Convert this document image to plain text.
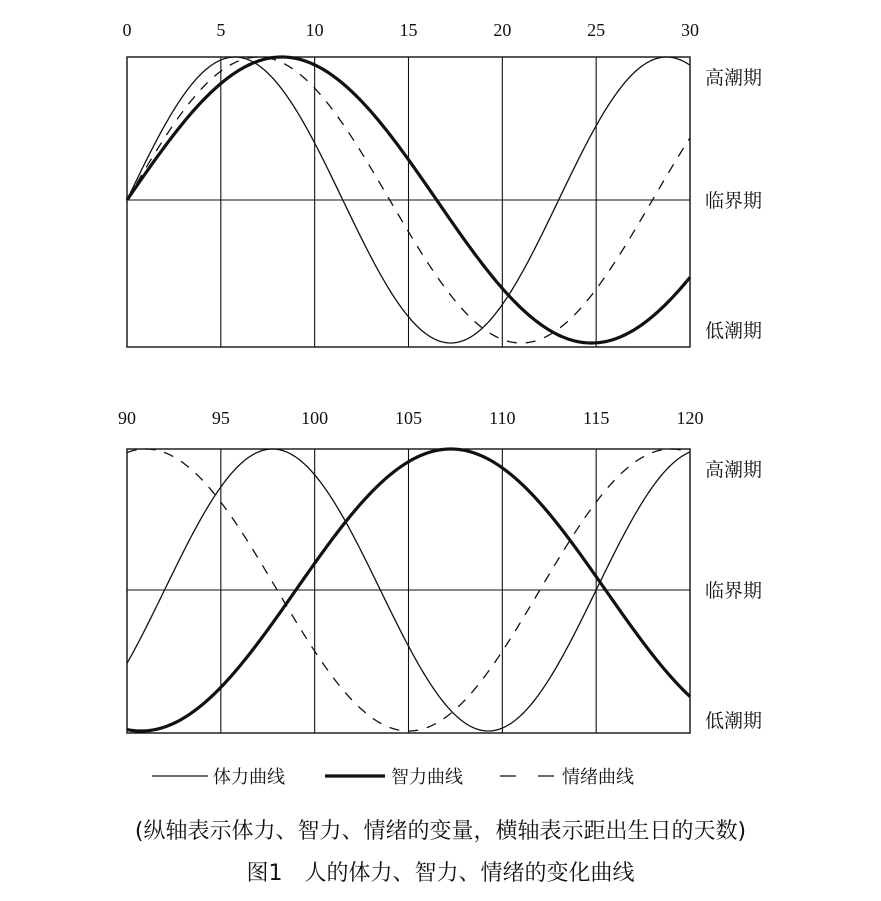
0	5	10	15	20	25	30
高潮期
临界期
低潮期
90	95	100	105	110	115	120
高潮期
临界期
低潮期
体力曲线	智力曲线	情绪曲线
(纵轴表示体力、智力、情绪的变量，横轴表示距出生日的天数)
图1　人的体力、智力、情绪的变化曲线
